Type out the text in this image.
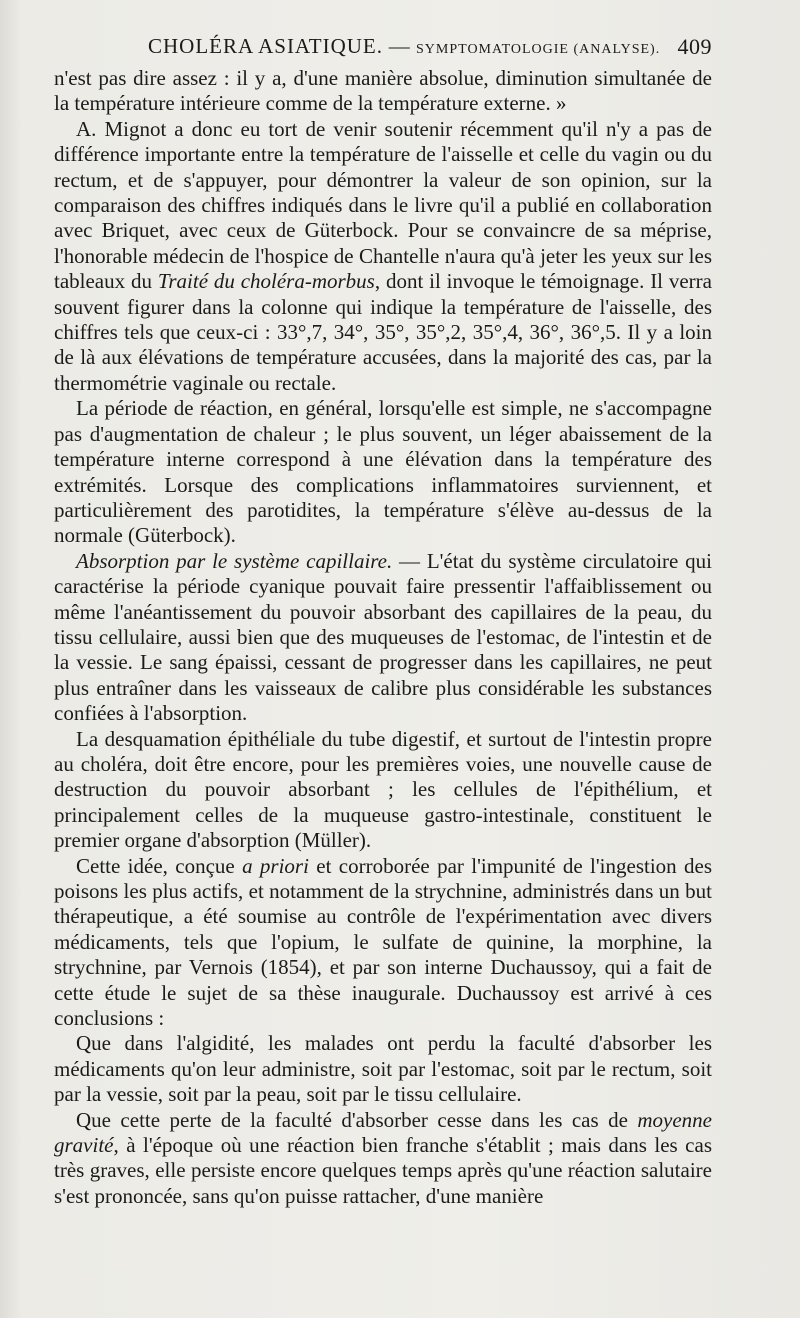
CHOLÉRA ASIATIQUE. — SYMPTOMATOLOGIE (ANALYSE). 409

n'est pas dire assez : il y a, d'une manière absolue, diminution simultanée de la température intérieure comme de la température externe. »

A. Mignot a donc eu tort de venir soutenir récemment qu'il n'y a pas de différence importante entre la température de l'aisselle et celle du vagin ou du rectum, et de s'appuyer, pour démontrer la valeur de son opinion, sur la comparaison des chiffres indiqués dans le livre qu'il a publié en collaboration avec Briquet, avec ceux de Güterbock. Pour se convaincre de sa méprise, l'honorable médecin de l'hospice de Chantelle n'aura qu'à jeter les yeux sur les tableaux du Traité du choléra-morbus, dont il invoque le témoignage. Il verra souvent figurer dans la colonne qui indique la température de l'aisselle, des chiffres tels que ceux-ci : 33°,7, 34°, 35°, 35°,2, 35°,4, 36°, 36°,5. Il y a loin de là aux élévations de température accusées, dans la majorité des cas, par la thermométrie vaginale ou rectale.

La période de réaction, en général, lorsqu'elle est simple, ne s'accompagne pas d'augmentation de chaleur ; le plus souvent, un léger abaissement de la température interne correspond à une élévation dans la température des extrémités. Lorsque des complications inflammatoires surviennent, et particulièrement des parotidites, la température s'élève au-dessus de la normale (Güterbock).

Absorption par le système capillaire. — L'état du système circulatoire qui caractérise la période cyanique pouvait faire pressentir l'affaiblissement ou même l'anéantissement du pouvoir absorbant des capillaires de la peau, du tissu cellulaire, aussi bien que des muqueuses de l'estomac, de l'intestin et de la vessie. Le sang épaissi, cessant de progresser dans les capillaires, ne peut plus entraîner dans les vaisseaux de calibre plus considérable les substances confiées à l'absorption.

La desquamation épithéliale du tube digestif, et surtout de l'intestin propre au choléra, doit être encore, pour les premières voies, une nouvelle cause de destruction du pouvoir absorbant ; les cellules de l'épithélium, et principalement celles de la muqueuse gastro-intestinale, constituent le premier organe d'absorption (Müller).

Cette idée, conçue a priori et corroborée par l'impunité de l'ingestion des poisons les plus actifs, et notamment de la strychnine, administrés dans un but thérapeutique, a été soumise au contrôle de l'expérimentation avec divers médicaments, tels que l'opium, le sulfate de quinine, la morphine, la strychnine, par Vernois (1854), et par son interne Duchaussoy, qui a fait de cette étude le sujet de sa thèse inaugurale. Duchaussoy est arrivé à ces conclusions :

Que dans l'algidité, les malades ont perdu la faculté d'absorber les médicaments qu'on leur administre, soit par l'estomac, soit par le rectum, soit par la vessie, soit par la peau, soit par le tissu cellulaire.

Que cette perte de la faculté d'absorber cesse dans les cas de moyenne gravité, à l'époque où une réaction bien franche s'établit ; mais dans les cas très graves, elle persiste encore quelques temps après qu'une réaction salutaire s'est prononcée, sans qu'on puisse rattacher, d'une manière
